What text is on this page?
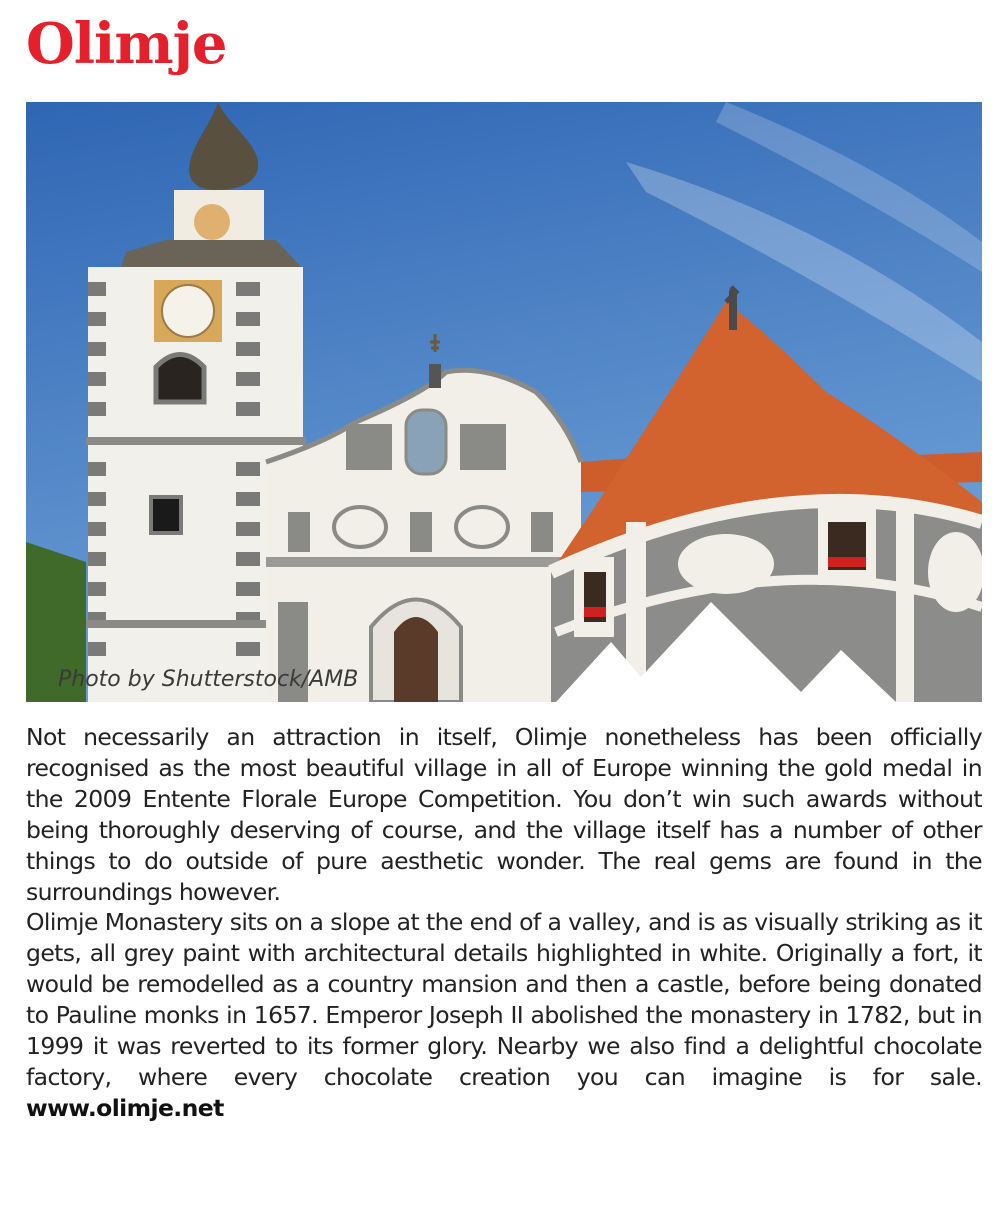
Olimje
Photo by Shutterstock/AMB

Not necessarily an attraction in itself, Olimje nonetheless has been officially recognised as the most beautiful village in all of Europe winning the gold medal in the 2009 Entente Florale Europe Competition. You don’t win such awards without being thoroughly deserving of course, and the village itself has a number of other things to do outside of pure aesthetic wonder. The real gems are found in the surroundings however.

Olimje Monastery sits on a slope at the end of a valley, and is as visually striking as it gets, all grey paint with architectural details highlighted in white. Originally a fort, it would be remodelled as a country mansion and then a castle, before being donated to Pauline monks in 1657. Emperor Joseph II abolished the monastery in 1782, but in 1999 it was reverted to its former glory. Nearby we also find a delightful chocolate factory, where every chocolate creation you can imagine is for sale. www.olimje.net
